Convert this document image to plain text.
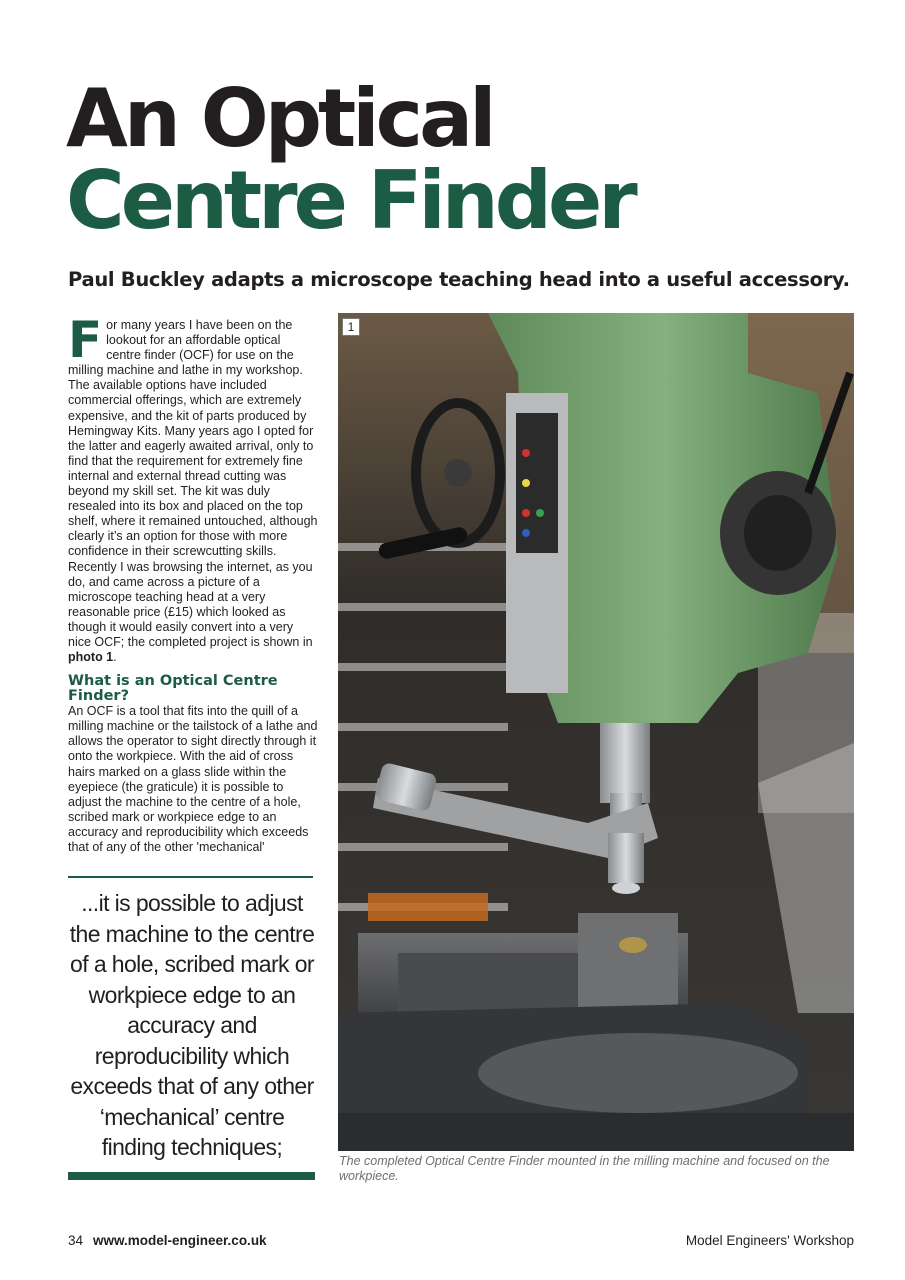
An Optical
Centre Finder

Paul Buckley adapts a microscope teaching head into a useful accessory.

For many years I have been on the lookout for an affordable optical centre finder (OCF) for use on the milling machine and lathe in my workshop. The available options have included commercial offerings, which are extremely expensive, and the kit of parts produced by Hemingway Kits. Many years ago I opted for the latter and eagerly awaited arrival, only to find that the requirement for extremely fine internal and external thread cutting was beyond my skill set. The kit was duly resealed into its box and placed on the top shelf, where it remained untouched, although clearly it’s an option for those with more confidence in their screwcutting skills. Recently I was browsing the internet, as you do, and came across a picture of a microscope teaching head at a very reasonable price (£15) which looked as though it would easily convert into a very nice OCF; the completed project is shown in photo 1.

What is an Optical Centre Finder?

An OCF is a tool that fits into the quill of a milling machine or the tailstock of a lathe and allows the operator to sight directly through it onto the workpiece. With the aid of cross hairs marked on a glass slide within the eyepiece (the graticule) it is possible to adjust the machine to the centre of a hole, scribed mark or workpiece edge to an accuracy and reproducibility which exceeds that of any of the other 'mechanical'

...it is possible to adjust the machine to the centre of a hole, scribed mark or workpiece edge to an accuracy and reproducibility which exceeds that of any other ‘mechanical’ centre finding techniques;

1

The completed Optical Centre Finder mounted in the milling machine and focused on the workpiece.

34 www.model-engineer.co.uk	Model Engineers' Workshop
